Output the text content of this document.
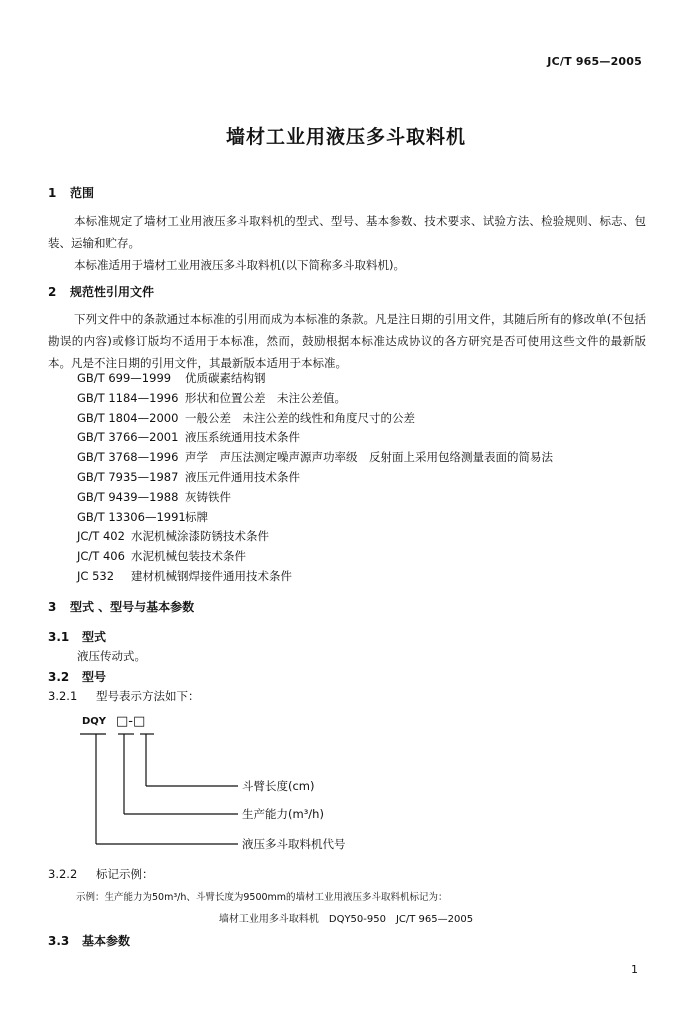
JC/T 965—2005
墙材工业用液压多斗取料机
1 范围
本标准规定了墙材工业用液压多斗取料机的型式、型号、基本参数、技术要求、试验方法、检验规则、标志、包装、运输和贮存。
本标准适用于墙材工业用液压多斗取料机(以下简称多斗取料机)。
2 规范性引用文件
下列文件中的条款通过本标准的引用而成为本标准的条款。凡是注日期的引用文件，其随后所有的修改单(不包括勘误的内容)或修订版均不适用于本标准，然而，鼓励根据本标准达成协议的各方研究是否可使用这些文件的最新版本。凡是不注日期的引用文件，其最新版本适用于本标准。
GB/T 699—1999 优质碳素结构钢
GB/T 1184—1996 形状和位置公差　未注公差值。
GB/T 1804—2000 一般公差　未注公差的线性和角度尺寸的公差
GB/T 3766—2001 液压系统通用技术条件
GB/T 3768—1996 声学　声压法测定噪声源声功率级　反射面上采用包络测量表面的简易法
GB/T 7935—1987 液压元件通用技术条件
GB/T 9439—1988 灰铸铁件
GB/T 13306—1991标牌
JC/T 402 水泥机械涂漆防锈技术条件
JC/T 406 水泥机械包装技术条件
JC 532 建材机械钢焊接件通用技术条件
3 型式 、型号与基本参数
3.1 型式
液压传动式。
3.2 型号
3.2.1 型号表示方法如下：
DQY □-□
斗臂长度(cm)
生产能力(m³/h)
液压多斗取料机代号
3.2.2 标记示例：
示例：生产能力为50m³/h、斗臂长度为9500mm的墙材工业用液压多斗取料机标记为：
墙材工业用多斗取料机　DQY50-950　JC/T 965—2005
3.3 基本参数
1
